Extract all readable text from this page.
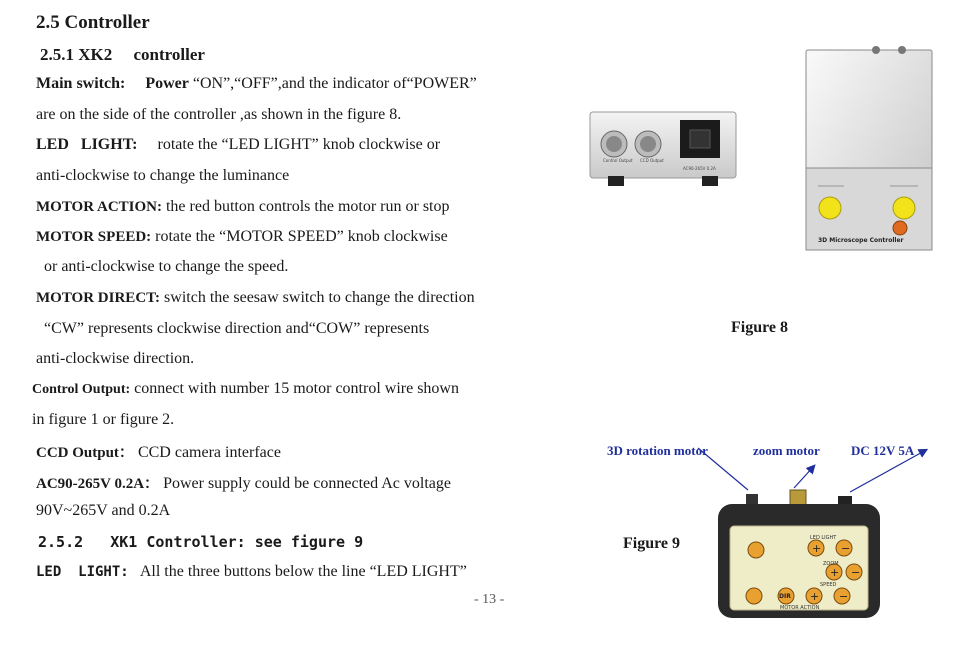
2.5 Controller
2.5.1 XK2     controller
Main switch: Power “ON”,“OFF”,and the indicator of“POWER”
are on the side of the controller ,as shown in the figure 8.
LED   LIGHT: rotate the “LED LIGHT” knob clockwise or
anti-clockwise to change the luminance
MOTOR ACTION: the red button controls the motor run or stop
MOTOR SPEED: rotate the “MOTOR SPEED” knob clockwise
or anti-clockwise to change the speed.
MOTOR DIRECT: switch the seesaw switch to change the direction
“CW” represents clockwise direction and“COW” represents
anti-clockwise direction.
Control Output: connect with number 15 motor control wire shown
in figure 1 or figure 2.
CCD Output： CCD camera interface
AC90-265V 0.2A： Power supply could be connected Ac voltage
90V~265V and 0.2A
2.5.2   XK1 Controller: see figure 9
LED  LIGHT: All the three buttons below the line “LED LIGHT”
- 13 -
Control Output CCD Output
AC90-265V 0.2A
3D Microscope Controller
Figure 8
3D rotation motor	zoom motor DC 12V 5A
Figure 9	+ −
+ −
+ −
LED LIGHT
ZOOM
SPEED
MOTOR ACTION
DIR
